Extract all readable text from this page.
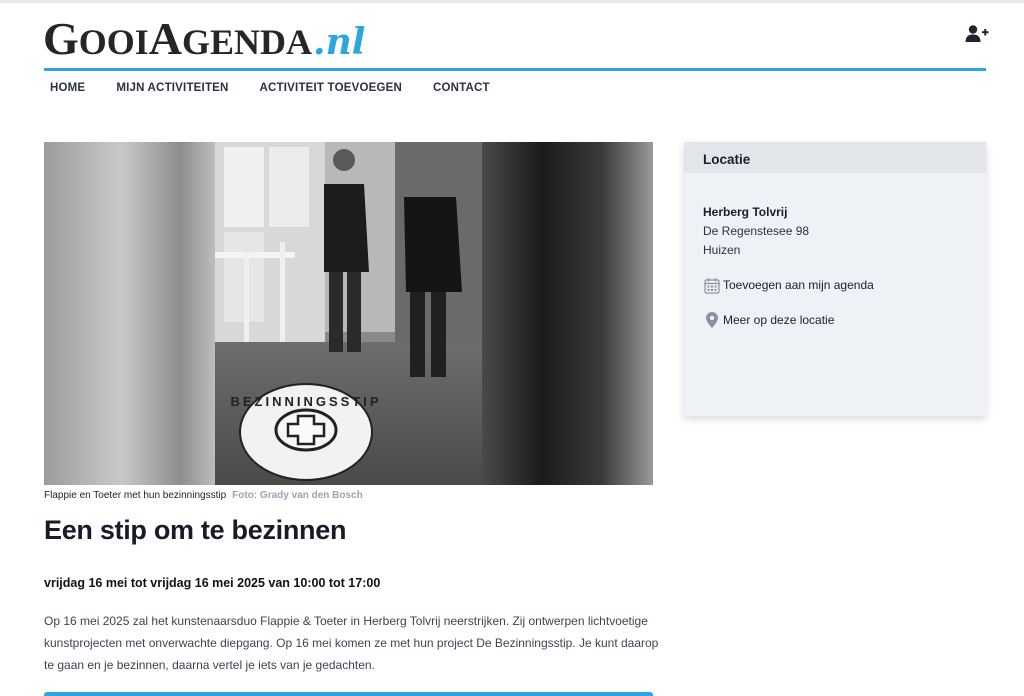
GOOIAGENDA .nl
HOME	MIJN ACTIVITEITEN	ACTIVITEIT TOEVOEGEN	CONTACT
BEZINNINGSSTIP
Flappie en Toeter met hun bezinningsstip Foto: Grady van den Bosch
Een stip om te bezinnen
vrijdag 16 mei tot vrijdag 16 mei 2025 van 10:00 tot 17:00

Op 16 mei 2025 zal het kunstenaarsduo Flappie & Toeter in Herberg Tolvrij neerstrijken. Zij ontwerpen lichtvoetige kunstprojecten met onverwachte diepgang. Op 16 mei komen ze met hun project De Bezinningsstip. Je kunt daarop te gaan en je bezinnen, daarna vertel je iets van je gedachten.

Locatie
Herberg Tolvrij
De Regenstesee 98
Huizen
Toevoegen aan mijn agenda
Meer op deze locatie
